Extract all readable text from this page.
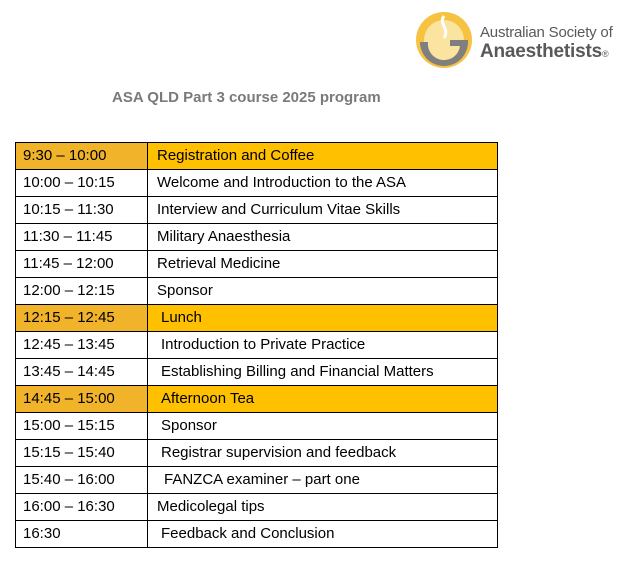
Australian Society of
Anaesthetists®
ASA QLD Part 3 course 2025 program
9:30 – 10:00	Registration and Coffee
10:00 – 10:15	Welcome and Introduction to the ASA
10:15 – 11:30	Interview and Curriculum Vitae Skills
11:30 – 11:45	Military Anaesthesia
11:45 – 12:00	Retrieval Medicine
12:00 – 12:15	Sponsor
12:15 – 12:45	Lunch
12:45 – 13:45	Introduction to Private Practice
13:45 – 14:45	Establishing Billing and Financial Matters
14:45 – 15:00	Afternoon Tea
15:00 – 15:15	Sponsor
15:15 – 15:40	Registrar supervision and feedback
15:40 – 16:00	FANZCA examiner – part one
16:00 – 16:30	Medicolegal tips
16:30	Feedback and Conclusion
